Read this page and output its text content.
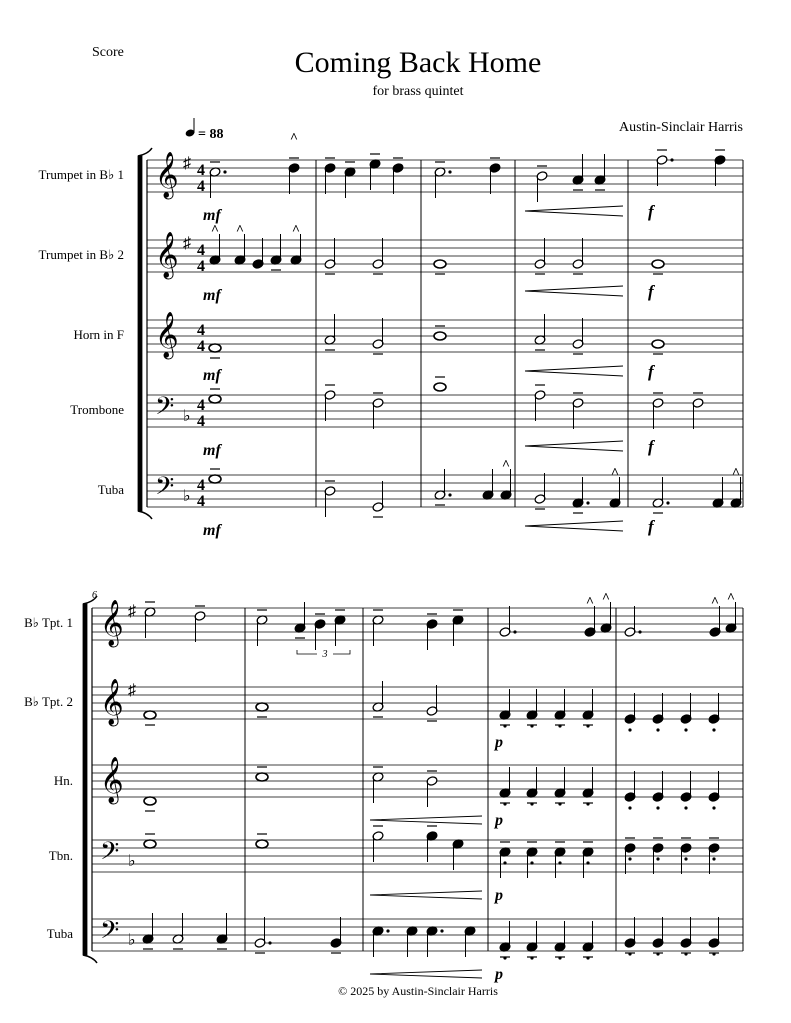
Score	Coming Back Home
for brass quintet
Austin-Sinclair Harris
Trumpet in B♭ 1
Trumpet in B♭ 2
Horn in F
Trombone
Tuba
B♭ Tpt. 1
B♭ Tpt. 2
Hn.
Tbn.
Tuba
© 2025 by Austin-Sinclair Harris
𝄞 ♯ 4
4
𝄞 ♯ 4
4
𝄞 4
4
𝄢 ♭
4
4
𝄢 ♭
4
4
𝄞 ♯
𝄞 ♯
𝄞
𝄢 ♭
𝄢 ♭
^
^ ^	^
^
^	^
^ ^	^ ^
= 88
6
3
mf	f
mf	f
mf	f
mf	f
mf	f
p
p
p
p
